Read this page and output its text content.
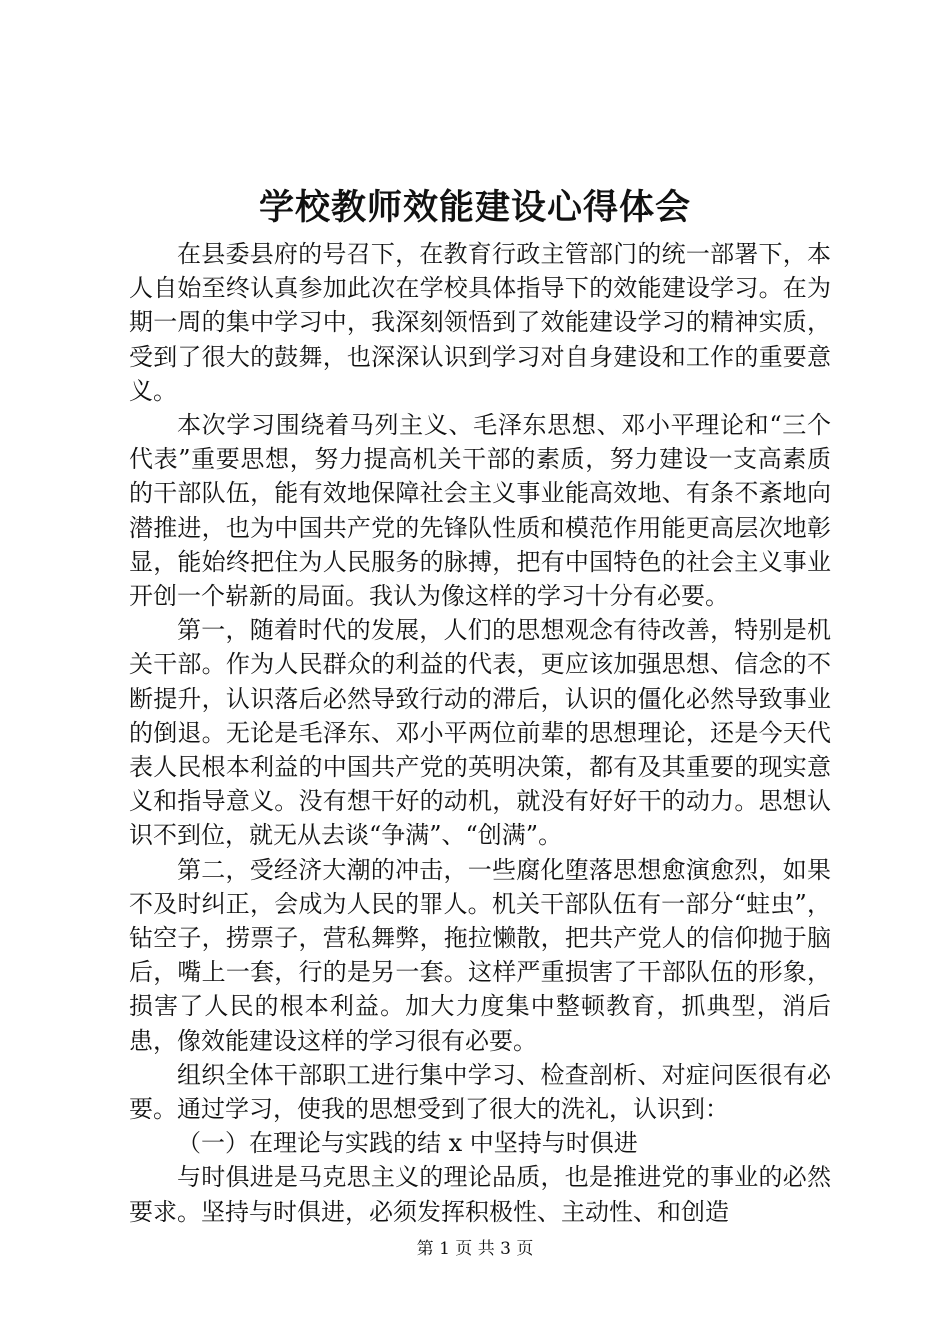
学校教师效能建设心得体会

在县委县府的号召下，在教育行政主管部门的统一部署下，本人自始至终认真参加此次在学校具体指导下的效能建设学习。在为期一周的集中学习中，我深刻领悟到了效能建设学习的精神实质，受到了很大的鼓舞，也深深认识到学习对自身建设和工作的重要意义。

本次学习围绕着马列主义、毛泽东思想、邓小平理论和“三个代表”重要思想，努力提高机关干部的素质，努力建设一支高素质的干部队伍，能有效地保障社会主义事业能高效地、有条不紊地向潜推进，也为中国共产党的先锋队性质和模范作用能更高层次地彰显，能始终把住为人民服务的脉搏，把有中国特色的社会主义事业开创一个崭新的局面。我认为像这样的学习十分有必要。

第一，随着时代的发展，人们的思想观念有待改善，特别是机关干部。作为人民群众的利益的代表，更应该加强思想、信念的不断提升，认识落后必然导致行动的滞后，认识的僵化必然导致事业的倒退。无论是毛泽东、邓小平两位前辈的思想理论，还是今天代表人民根本利益的中国共产党的英明决策，都有及其重要的现实意义和指导意义。没有想干好的动机，就没有好好干的动力。思想认识不到位，就无从去谈“争满”、“创满”。

第二，受经济大潮的冲击，一些腐化堕落思想愈演愈烈，如果不及时纠正，会成为人民的罪人。机关干部队伍有一部分“蛀虫”，钻空子，捞票子，营私舞弊，拖拉懒散，把共产党人的信仰抛于脑后，嘴上一套，行的是另一套。这样严重损害了干部队伍的形象，损害了人民的根本利益。加大力度集中整顿教育，抓典型，消后患，像效能建设这样的学习很有必要。

组织全体干部职工进行集中学习、检查剖析、对症问医很有必要。通过学习，使我的思想受到了很大的洗礼，认识到：

（一）在理论与实践的结 x 中坚持与时俱进

与时俱进是马克思主义的理论品质，也是推进党的事业的必然要求。坚持与时俱进，必须发挥积极性、主动性、和创造

第 1 页 共 3 页
